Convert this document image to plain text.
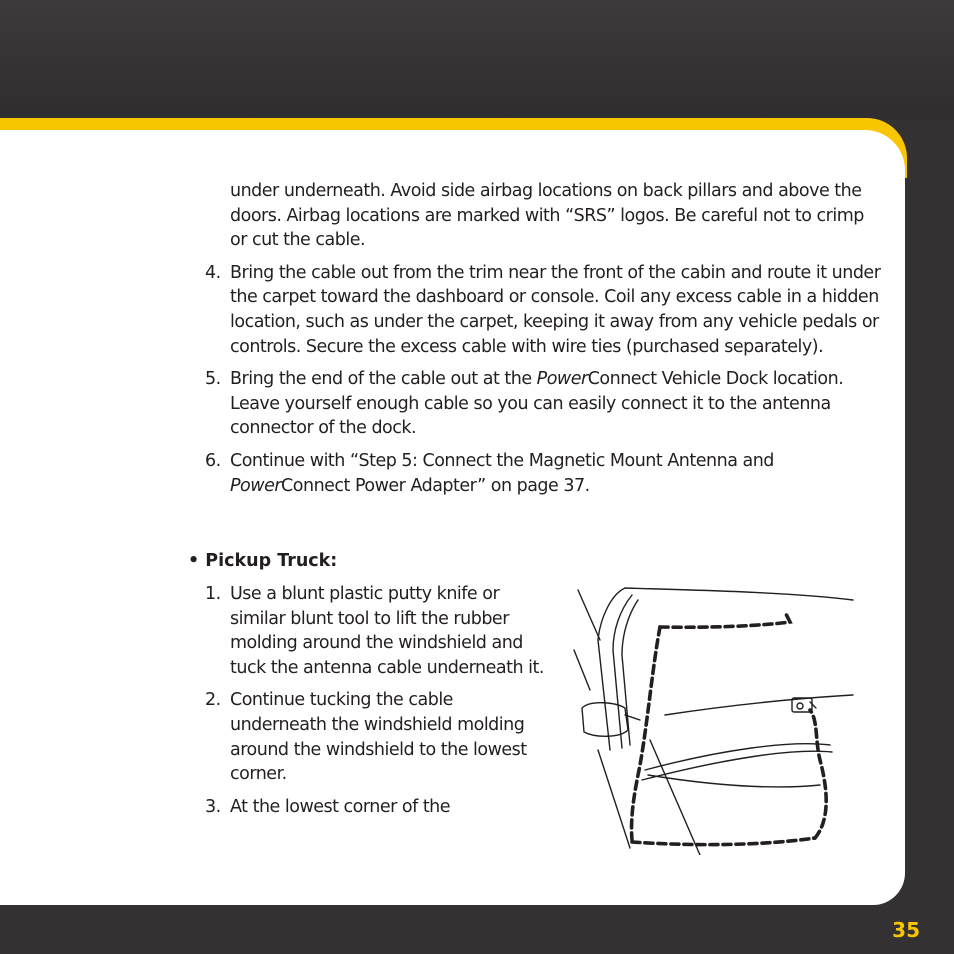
under underneath. Avoid side airbag locations on back pillars and above the doors. Airbag locations are marked with “SRS” logos. Be careful not to crimp or cut the cable.

4. Bring the cable out from the trim near the front of the cabin and route it under the carpet toward the dashboard or console. Coil any excess cable in a hidden location, such as under the carpet, keeping it away from any vehicle pedals or controls. Secure the excess cable with wire ties (purchased separately).
5. Bring the end of the cable out at the PowerConnect Vehicle Dock location. Leave yourself enough cable so you can easily connect it to the antenna connector of the dock.
6. Continue with “Step 5: Connect the Magnetic Mount Antenna and PowerConnect Power Adapter” on page 37.
• Pickup Truck:
1. Use a blunt plastic putty knife or similar blunt tool to lift the rubber molding around the windshield and tuck the antenna cable underneath it.
2. Continue tucking the cable underneath the windshield molding around the windshield to the lowest corner.
3. At the lowest corner of the
35
